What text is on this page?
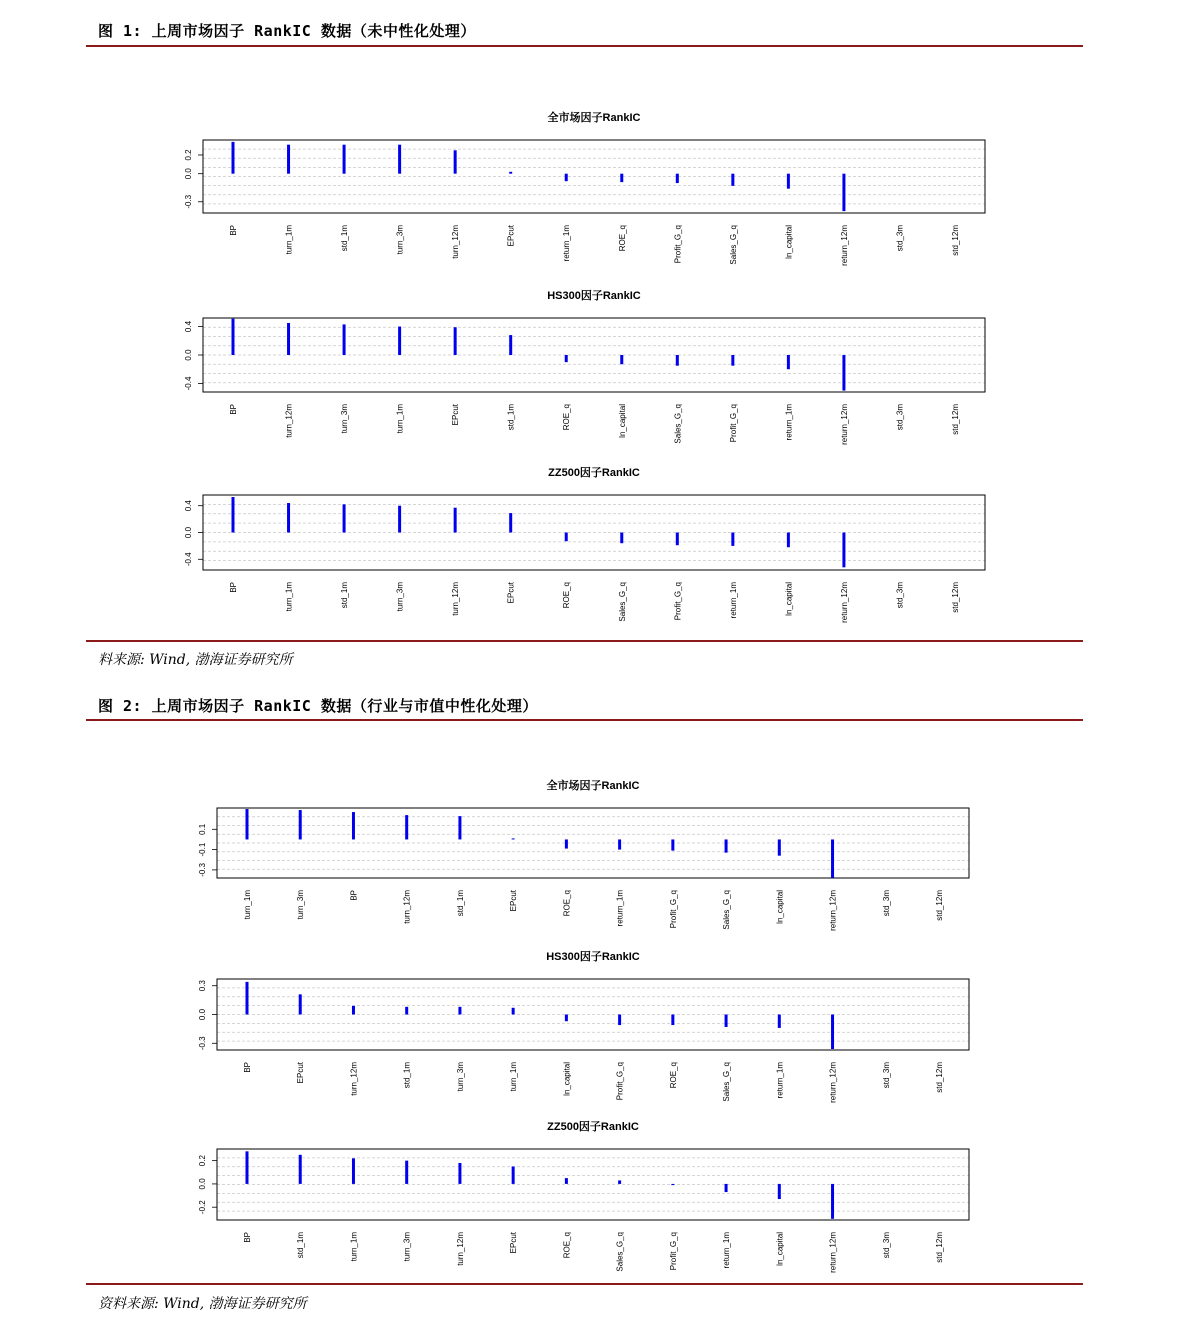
图 1: 上周市场因子 RankIC 数据（未中性化处理）
全市场因子RankIC
-0.3
0.0
0.2
BP	turn_1m	std_1m	turn_3m	turn_12m	EPcut	return_1m	ROE_q	Profit_G_q	Sales_G_q	ln_capital	return_12m	std_3m	std_12m
HS300因子RankIC
-0.4
0.0
0.4
BP	turn_12m	turn_3m	turn_1m	EPcut	std_1m	ROE_q	ln_capital	Sales_G_q	Profit_G_q	return_1m	return_12m	std_3m	std_12m
ZZ500因子RankIC
-0.4
0.0
0.4
BP	turn_1m	std_1m	turn_3m	turn_12m	EPcut	ROE_q	Sales_G_q	Profit_G_q	return_1m	ln_capital	return_12m	std_3m	std_12m
料来源: Wind, 渤海证券研究所
图 2: 上周市场因子 RankIC 数据（行业与市值中性化处理）
全市场因子RankIC
-0.3
-0.1
0.1
turn_1m	turn_3m	BP	turn_12m	std_1m	EPcut	ROE_q	return_1m	Profit_G_q	Sales_G_q	ln_capital	return_12m	std_3m	std_12m
HS300因子RankIC
-0.3
0.0
0.3
BP	EPcut	turn_12m	std_1m	turn_3m	turn_1m	ln_capital	Profit_G_q	ROE_q	Sales_G_q	return_1m	return_12m	std_3m	std_12m
ZZ500因子RankIC
-0.2
0.0
0.2
BP	std_1m	turn_1m	turn_3m	turn_12m	EPcut	ROE_q	Sales_G_q	Profit_G_q	return_1m	ln_capital	return_12m	std_3m	std_12m
资料来源: Wind, 渤海证券研究所
